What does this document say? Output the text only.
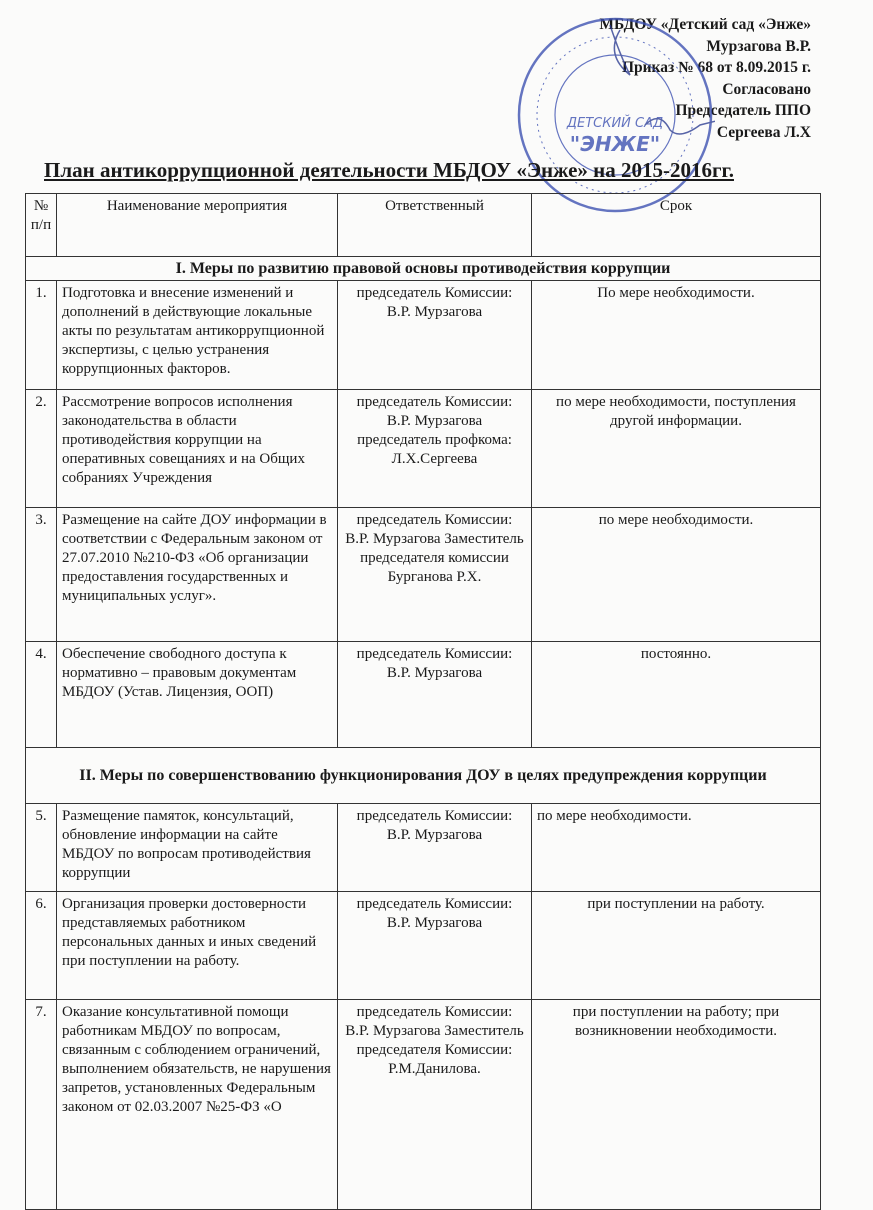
МБДОУ «Детский сад «Энже»
Мурзагова В.Р.
Приказ № 68 от 8.09.2015 г.
Согласовано
Председатель ППО
Сергеева Л.Х
ДЕТСКИЙ САД
"ЭНЖЕ"
План антикоррупционной деятельности МБДОУ «Энже» на 2015-2016гг.
№ п/п	Наименование мероприятия	Ответственный	Срок
I. Меры по развитию правовой основы противодействия коррупции			
1.	Подготовка и внесение изменений и дополнений в действующие локальные акты по результатам антикоррупционной экспертизы, с целью устранения коррупционных факторов.	председатель Комиссии: В.Р. Мурзагова	По мере необходимости.
2.	Рассмотрение вопросов исполнения законодательства в области противодействия коррупции на оперативных совещаниях и на Общих собраниях Учреждения	председатель Комиссии: В.Р. Мурзагова председатель профкома: Л.Х.Сергеева	по мере необходимости, поступления другой информации.
3.	Размещение на сайте ДОУ информации в соответствии с Федеральным законом от 27.07.2010 №210-ФЗ «Об организации предоставления государственных и муниципальных услуг».	председатель Комиссии: В.Р. Мурзагова Заместитель председателя комиссии Бурганова Р.Х.	по мере необходимости.
4.	Обеспечение свободного доступа к нормативно – правовым документам МБДОУ (Устав. Лицензия, ООП)	председатель Комиссии: В.Р. Мурзагова	постоянно.
II. Меры по совершенствованию функционирования ДОУ в целях предупреждения коррупции			
5.	Размещение памяток, консультаций, обновление информации на сайте МБДОУ по вопросам противодействия коррупции	председатель Комиссии: В.Р. Мурзагова	по мере необходимости.
6.	Организация проверки достоверности представляемых работником персональных данных и иных сведений при поступлении на работу.	председатель Комиссии: В.Р. Мурзагова	при поступлении на работу.
7.	Оказание консультативной помощи работникам МБДОУ по вопросам, связанным с соблюдением ограничений, выполнением обязательств, не нарушения запретов, установленных Федеральным законом от 02.03.2007 №25-ФЗ «О	председатель Комиссии: В.Р. Мурзагова Заместитель председателя Комиссии: Р.М.Данилова.	при поступлении на работу; при возникновении необходимости.
